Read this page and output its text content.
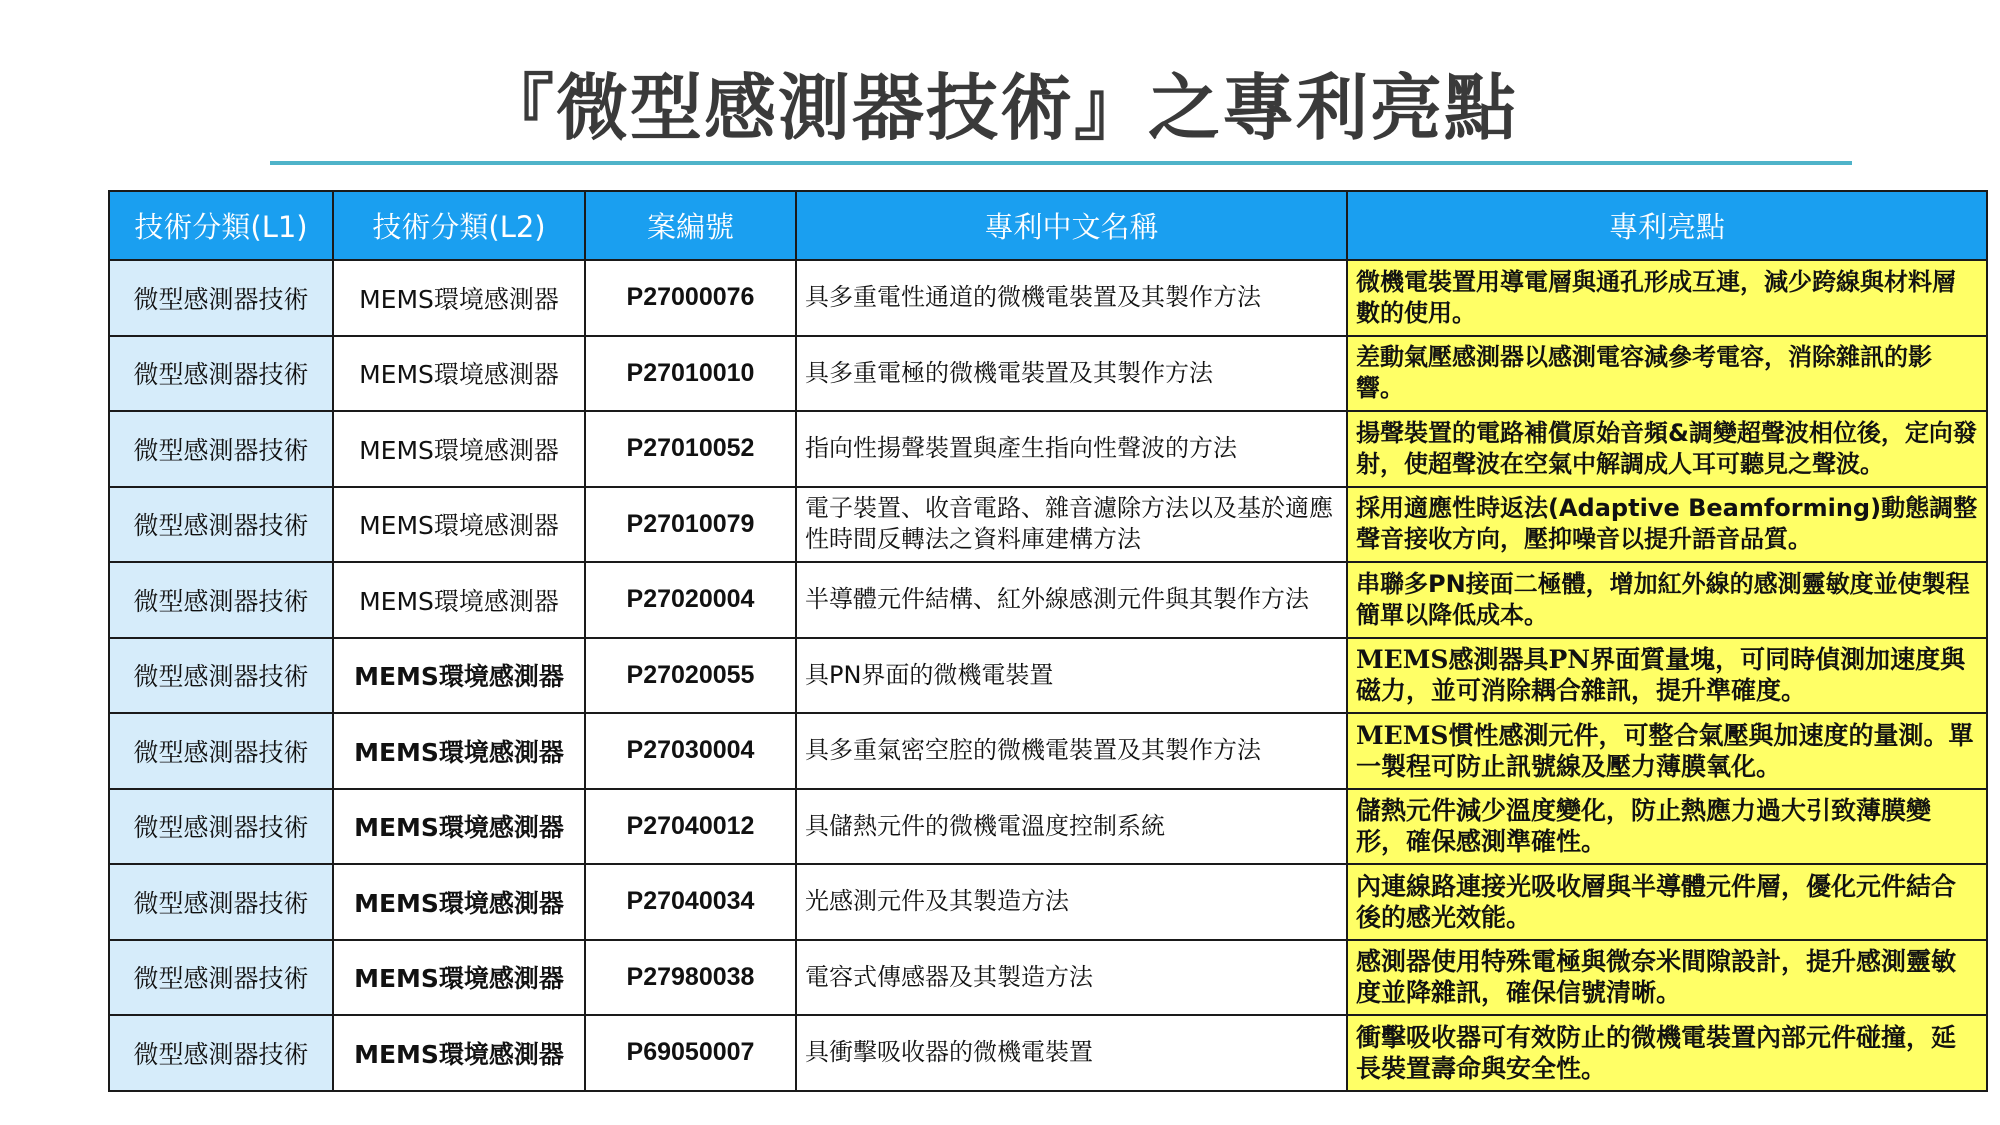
『微型感測器技術』之專利亮點
技術分類(L1)	技術分類(L2)	案編號	專利中文名稱	專利亮點
微型感測器技術	MEMS環境感測器	P27000076	具多重電性通道的微機電裝置及其製作方法	微機電裝置用導電層與通孔形成互連，減少跨線與材料層數的使用。
微型感測器技術	MEMS環境感測器	P27010010	具多重電極的微機電裝置及其製作方法	差動氣壓感測器以感測電容減參考電容，消除雜訊的影響。
微型感測器技術	MEMS環境感測器	P27010052	指向性揚聲裝置與產生指向性聲波的方法	揚聲裝置的電路補償原始音頻&調變超聲波相位後，定向發射，使超聲波在空氣中解調成人耳可聽見之聲波。
微型感測器技術	MEMS環境感測器	P27010079	電子裝置、收音電路、雜音濾除方法以及基於適應性時間反轉法之資料庫建構方法	採用適應性時返法(Adaptive Beamforming)動態調整聲音接收方向，壓抑噪音以提升語音品質。
微型感測器技術	MEMS環境感測器	P27020004	半導體元件結構、紅外線感測元件與其製作方法	串聯多PN接面二極體，增加紅外線的感測靈敏度並使製程簡單以降低成本。
微型感測器技術	MEMS環境感測器	P27020055	具PN界面的微機電裝置	MEMS感測器具PN界面質量塊，可同時偵測加速度與磁力，並可消除耦合雜訊，提升準確度。
微型感測器技術	MEMS環境感測器	P27030004	具多重氣密空腔的微機電裝置及其製作方法	MEMS慣性感測元件，可整合氣壓與加速度的量測。單一製程可防止訊號線及壓力薄膜氧化。
微型感測器技術	MEMS環境感測器	P27040012	具儲熱元件的微機電溫度控制系統	儲熱元件減少溫度變化，防止熱應力過大引致薄膜變形，確保感測準確性。
微型感測器技術	MEMS環境感測器	P27040034	光感測元件及其製造方法	內連線路連接光吸收層與半導體元件層，優化元件結合後的感光效能。
微型感測器技術	MEMS環境感測器	P27980038	電容式傳感器及其製造方法	感測器使用特殊電極與微奈米間隙設計，提升感測靈敏度並降雜訊，確保信號清晰。
微型感測器技術	MEMS環境感測器	P69050007	具衝擊吸收器的微機電裝置	衝擊吸收器可有效防止的微機電裝置內部元件碰撞，延長裝置壽命與安全性。
